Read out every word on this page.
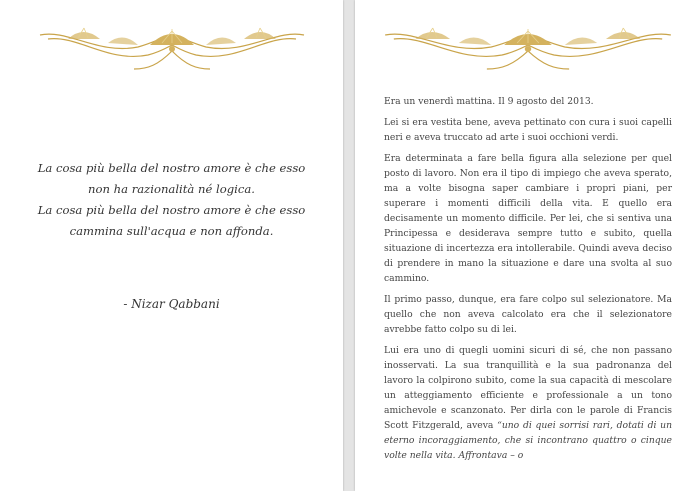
La cosa più bella del nostro amore è che esso
non ha razionalità né logica.
La cosa più bella del nostro amore è che esso
cammina sull'acqua e non affonda.
- Nizar Qabbani

Era un venerdì mattina. Il 9 agosto del 2013.

Lei si era vestita bene, aveva pettinato con cura i suoi capelli neri e aveva truccato ad arte i suoi occhioni verdi.

Era determinata a fare bella figura alla selezione per quel posto di lavoro. Non era il tipo di impiego che aveva sperato, ma a volte bisogna saper cambiare i propri piani, per superare i momenti difficili della vita. E quello era decisamente un momento difficile. Per lei, che si sentiva una Principessa e desiderava sempre tutto e subito, quella situazione di incertezza era intollerabile. Quindi aveva deciso di prendere in mano la situazione e dare una svolta al suo cammino.

Il primo passo, dunque, era fare colpo sul selezionatore. Ma quello che non aveva calcolato era che il selezionatore avrebbe fatto colpo su di lei.

Lui era uno di quegli uomini sicuri di sé, che non passano inosservati. La sua tranquillità e la sua padronanza del lavoro la colpirono subito, come la sua capacità di mescolare un atteggiamento efficiente e professionale a un tono amichevole e scanzonato. Per dirla con le parole di Francis Scott Fitzgerald, aveva “uno di quei sorrisi rari, dotati di un eterno incoraggiamento, che si incontrano quattro o cinque volte nella vita. Affrontava – o
